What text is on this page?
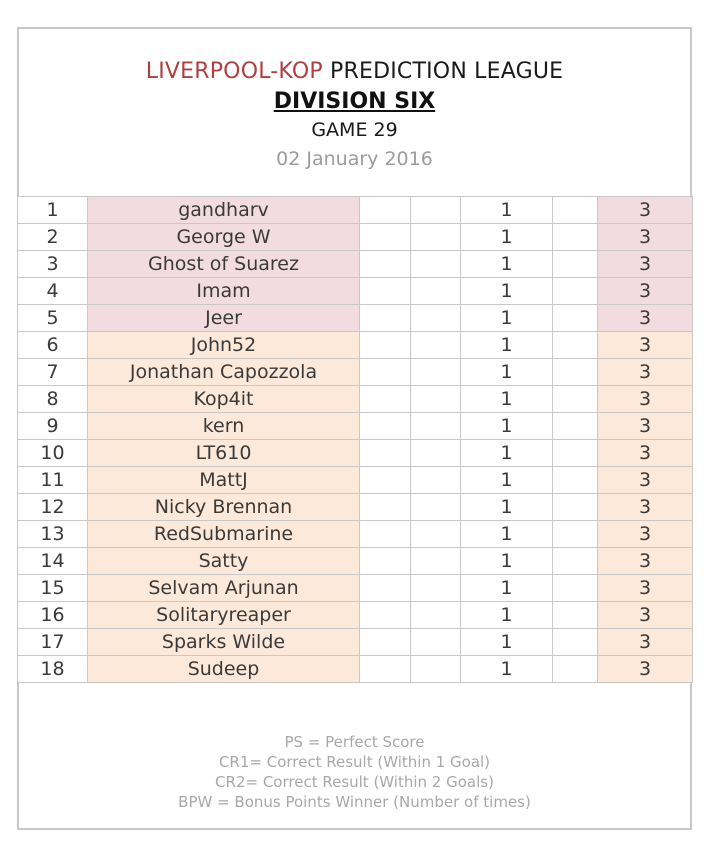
LIVERPOOL-KOP PREDICTION LEAGUE
DIVISION SIX
GAME 29
02 January 2016
1	gandharv			1		3
2	George W			1		3
3	Ghost of Suarez			1		3
4	Imam			1		3
5	Jeer			1		3
6	John52			1		3
7	Jonathan Capozzola			1		3
8	Kop4it			1		3
9	kern			1		3
10	LT610			1		3
11	MattJ			1		3
12	Nicky Brennan			1		3
13	RedSubmarine			1		3
14	Satty			1		3
15	Selvam Arjunan			1		3
16	Solitaryreaper			1		3
17	Sparks Wilde			1		3
18	Sudeep			1		3
PS = Perfect Score
CR1= Correct Result (Within 1 Goal)
CR2= Correct Result (Within 2 Goals)
BPW = Bonus Points Winner (Number of times)
